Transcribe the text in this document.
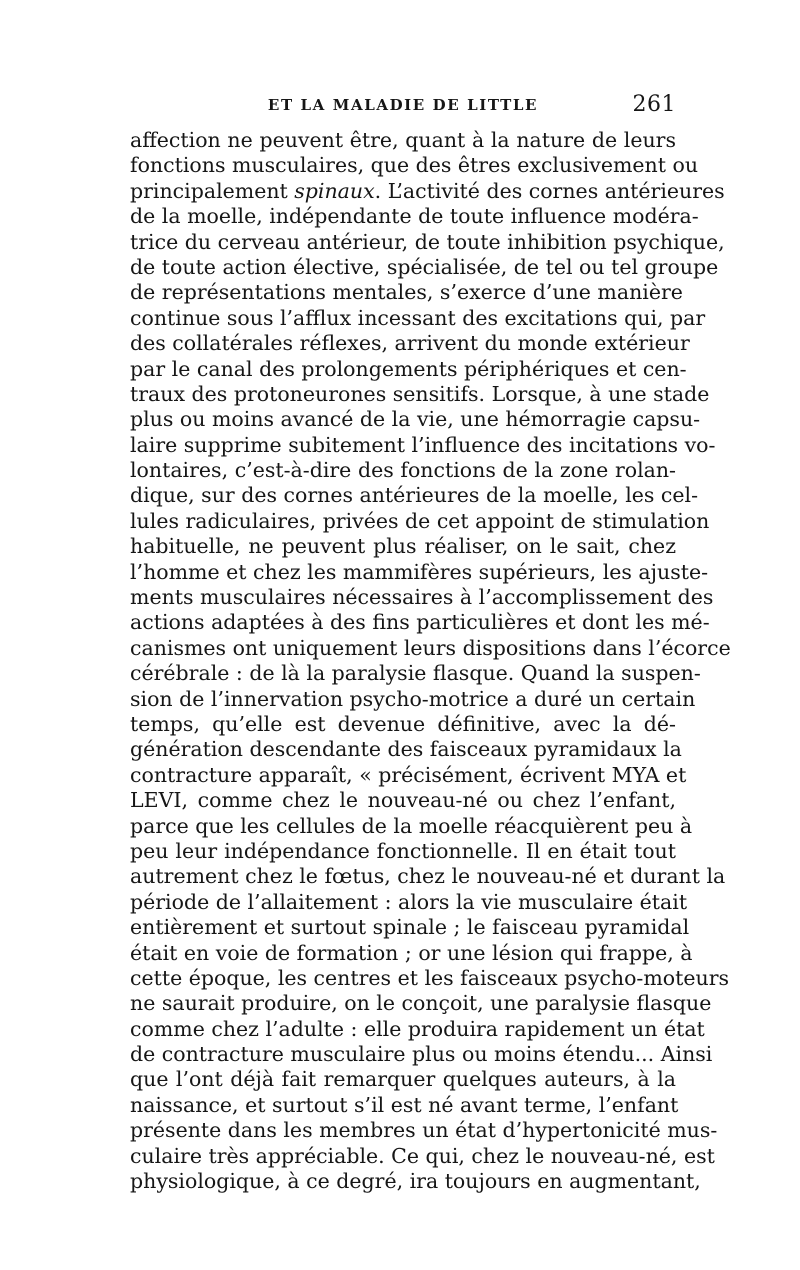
ET LA MALADIE DE LITTLE	261
affection ne peuvent être, quant à la nature de leurs
fonctions musculaires, que des êtres exclusivement ou
principalement spinaux. L’activité des cornes antérieures
de la moelle, indépendante de toute influence modéra-
trice du cerveau antérieur, de toute inhibition psychique,
de toute action élective, spécialisée, de tel ou tel groupe
de représentations mentales, s’exerce d’une manière
continue sous l’afflux incessant des excitations qui, par
des collatérales réflexes, arrivent du monde extérieur
par le canal des prolongements périphériques et cen-
traux des protoneurones sensitifs. Lorsque, à une stade
plus ou moins avancé de la vie, une hémorragie capsu-
laire supprime subitement l’influence des incitations vo-
lontaires, c’est-à-dire des fonctions de la zone rolan-
dique, sur des cornes antérieures de la moelle, les cel-
lules radiculaires, privées de cet appoint de stimulation
habituelle, ne peuvent plus réaliser, on le sait, chez
l’homme et chez les mammifères supérieurs, les ajuste-
ments musculaires nécessaires à l’accomplissement des
actions adaptées à des fins particulières et dont les mé-
canismes ont uniquement leurs dispositions dans l’écorce
cérébrale : de là la paralysie flasque. Quand la suspen-
sion de l’innervation psycho-motrice a duré un certain
temps, qu’elle est devenue définitive, avec la dé-
génération descendante des faisceaux pyramidaux la
contracture apparaît, « précisément, écrivent MYA et
LEVI, comme chez le nouveau-né ou chez l’enfant,
parce que les cellules de la moelle réacquièrent peu à
peu leur indépendance fonctionnelle. Il en était tout
autrement chez le fœtus, chez le nouveau-né et durant la
période de l’allaitement : alors la vie musculaire était
entièrement et surtout spinale ; le faisceau pyramidal
était en voie de formation ; or une lésion qui frappe, à
cette époque, les centres et les faisceaux psycho-moteurs
ne saurait produire, on le conçoit, une paralysie flasque
comme chez l’adulte : elle produira rapidement un état
de contracture musculaire plus ou moins étendu... Ainsi
que l’ont déjà fait remarquer quelques auteurs, à la
naissance, et surtout s’il est né avant terme, l’enfant
présente dans les membres un état d’hypertonicité mus-
culaire très appréciable. Ce qui, chez le nouveau-né, est
physiologique, à ce degré, ira toujours en augmentant,
